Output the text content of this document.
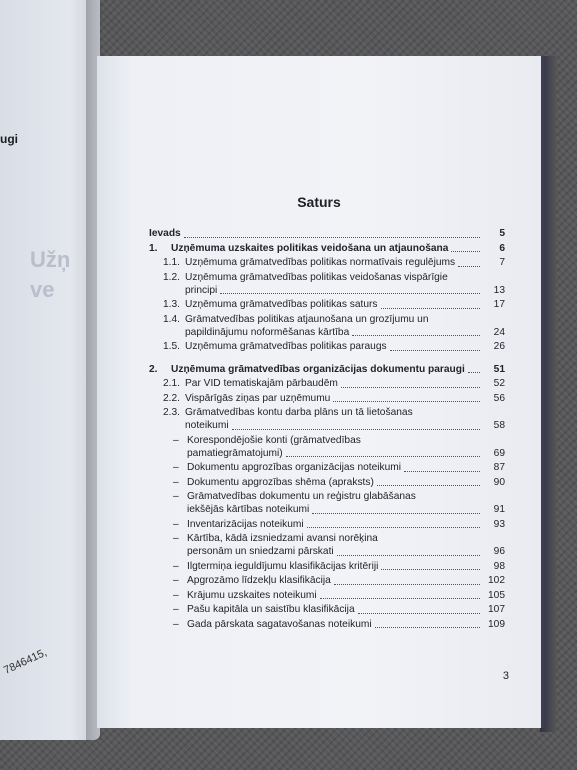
ugi
Užņ
ve
7846415,
Saturs
Ievads	5
1.	Uzņēmuma uzskaites politikas veidošana un atjaunošana	6
1.1. Uzņēmuma grāmatvedības politikas normatīvais regulējums	7
1.2. Uzņēmuma grāmatvedības politikas veidošanas vispārīgie
principi	13
1.3. Uzņēmuma grāmatvedības politikas saturs	17
1.4. Grāmatvedības politikas atjaunošana un grozījumu un
papildinājumu noformēšanas kārtība	24
1.5. Uzņēmuma grāmatvedības politikas paraugs	26
2.	Uzņēmuma grāmatvedības organizācijas dokumentu paraugi	51
2.1. Par VID tematiskajām pārbaudēm	52
2.2. Vispārīgās ziņas par uzņēmumu	56
2.3. Grāmatvedības kontu darba plāns un tā lietošanas
noteikumi	58
– Korespondējošie konti (grāmatvedības
pamatiegrāmatojumi)	69
– Dokumentu apgrozības organizācijas noteikumi	87
– Dokumentu apgrozības shēma (apraksts)	90
– Grāmatvedības dokumentu un reģistru glabāšanas
iekšējās kārtības noteikumi	91
– Inventarizācijas noteikumi	93
– Kārtība, kādā izsniedzami avansi norēķina
personām un sniedzami pārskati	96
– Ilgtermiņa ieguldījumu klasifikācijas kritēriji	98
– Apgrozāmo līdzekļu klasifikācija	102
– Krājumu uzskaites noteikumi	105
– Pašu kapitāla un saistību klasifikācija	107
– Gada pārskata sagatavošanas noteikumi	109
3
